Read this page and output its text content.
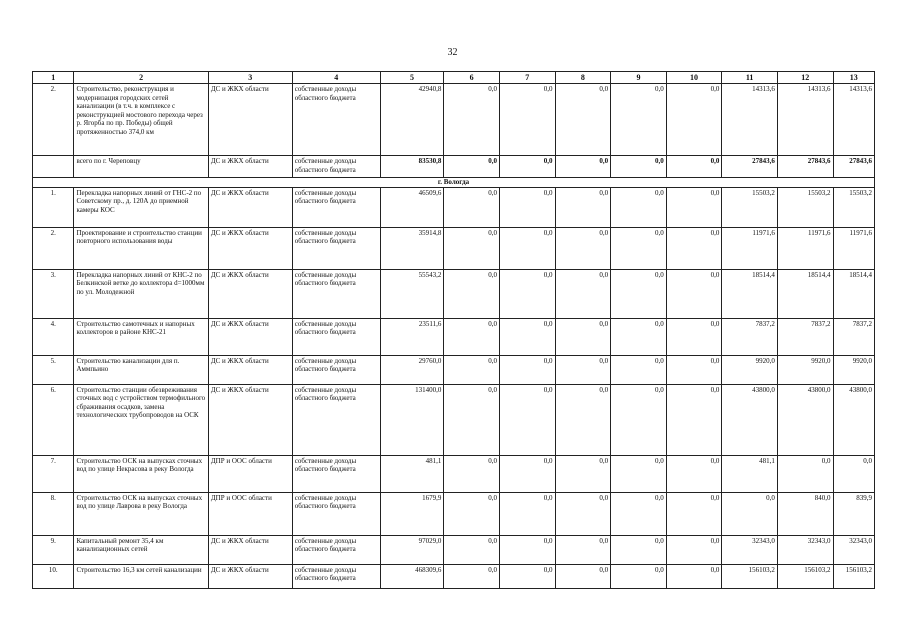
32
1	2	3	4	5	6	7	8	9	10	11	12	13
2.	Строительство, реконструкция и модернизация городских сетей канализации (в т.ч. в комплексе с реконструкцией мостового перехода через р. Ягорба по пр. Победы) общей протяженностью 374,0 км	ДС и ЖКХ области	собственные доходы областного бюджета	42940,8	0,0	0,0	0,0	0,0	0,0	14313,6	14313,6	14313,6
	всего по г. Череповцу	ДС и ЖКХ области	собственные доходы областного бюджета	83530,8	0,0	0,0	0,0	0,0	0,0	27843,6	27843,6	27843,6
г. Вологда												
1.	Перекладка напорных линий от ГНС-2 по Советскому пр., д. 120А до приемной камеры КОС	ДС и ЖКХ области	собственные доходы областного бюджета	46509,6	0,0	0,0	0,0	0,0	0,0	15503,2	15503,2	15503,2
2.	Проектирование и строительство станции повторного использования воды	ДС и ЖКХ области	собственные доходы областного бюджета	35914,8	0,0	0,0	0,0	0,0	0,0	11971,6	11971,6	11971,6
3.	Перекладка напорных линий от КНС-2 по Белкинской ветке до коллектора d=1000мм по ул. Молодежной	ДС и ЖКХ области	собственные доходы областного бюджета	55543,2	0,0	0,0	0,0	0,0	0,0	18514,4	18514,4	18514,4
4.	Строительство самотечных и напорных коллекторов в районе КНС-21	ДС и ЖКХ области	собственные доходы областного бюджета	23511,6	0,0	0,0	0,0	0,0	0,0	7837,2	7837,2	7837,2
5.	Строительство канализации для п. Аммпьино	ДС и ЖКХ области	собственные доходы областного бюджета	29760,0	0,0	0,0	0,0	0,0	0,0	9920,0	9920,0	9920,0
6.	Строительство станции обезвреживания сточных вод с устройством термофильного сбраживания осадков, замена технологических трубопроводов на ОСК	ДС и ЖКХ области	собственные доходы областного бюджета	131400,0	0,0	0,0	0,0	0,0	0,0	43800,0	43800,0	43800,0
7.	Строительство ОСК на выпусках сточных вод по улице Некрасова в реку Вологда	ДПР и ООС области	собственные доходы областного бюджета	481,1	0,0	0,0	0,0	0,0	0,0	481,1	0,0	0,0
8.	Строительство ОСК на выпусках сточных вод по улице Лаврова в реку Вологда	ДПР и ООС области	собственные доходы областного бюджета	1679,9	0,0	0,0	0,0	0,0	0,0	0,0	840,0	839,9
9.	Капитальный ремонт 35,4 км канализационных сетей	ДС и ЖКХ области	собственные доходы областного бюджета	97029,0	0,0	0,0	0,0	0,0	0,0	32343,0	32343,0	32343,0
10.	Строительство 16,3 км сетей канализации	ДС и ЖКХ области	собственные доходы областного бюджета	468309,6	0,0	0,0	0,0	0,0	0,0	156103,2	156103,2	156103,2
